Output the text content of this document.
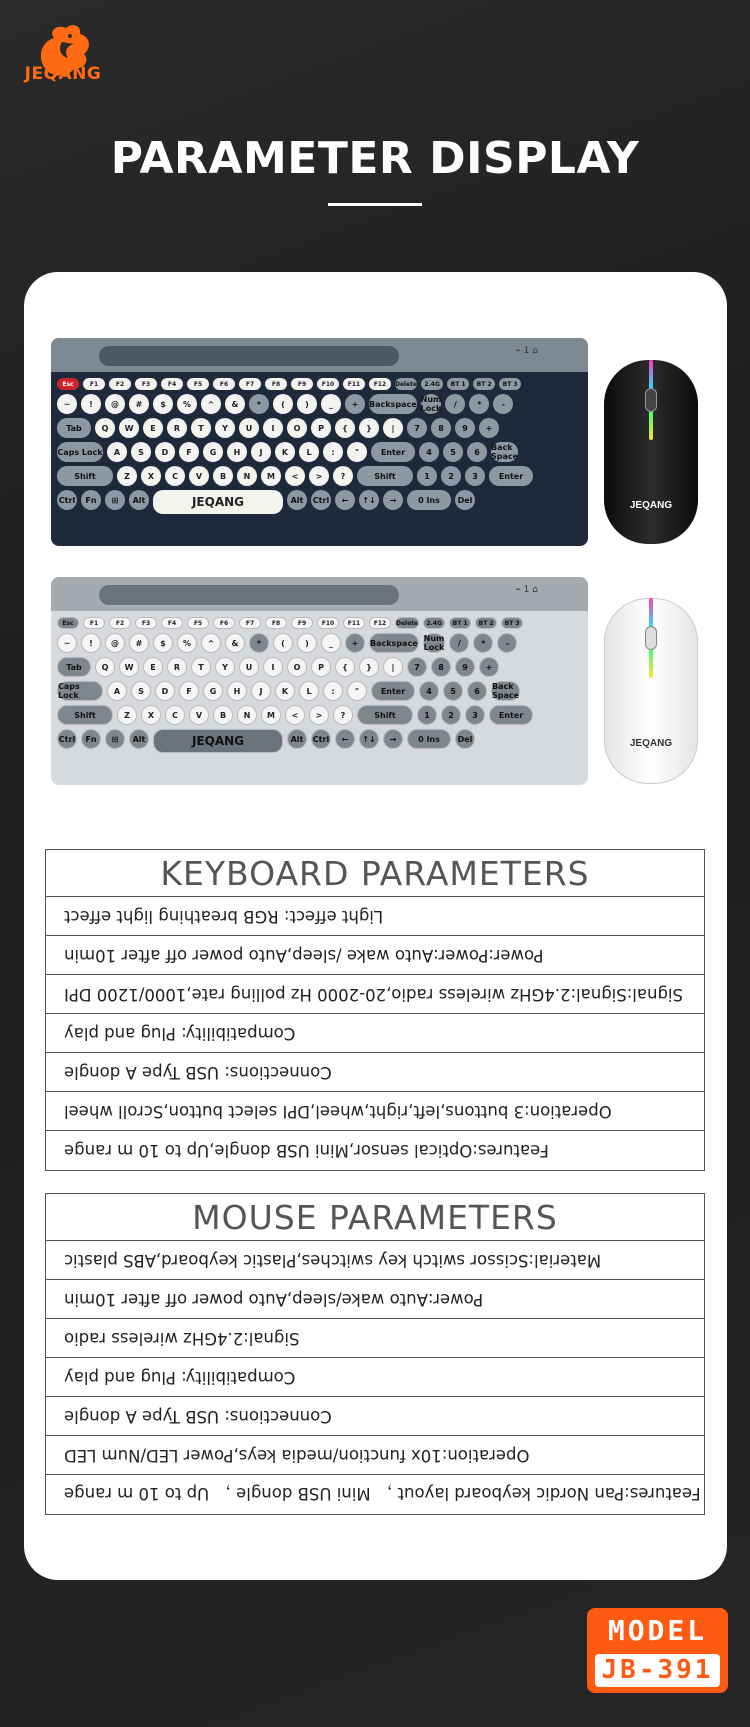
JEQANG
PARAMETER DISPLAY
⌁ 1 ⌂
Esc	F1	F2	F3	F4	F5	F6	F7	F8	F9	F10	F11	F12	Delete	2.4G	BT 1	BT 2	BT 3
~	!	@	#	$	%	^	&	*	(	)	_	+	Backspace Num Lock	/	*	-
Tab	Q	W	E	R	T	Y	U	I	O	P	{	}	|	7	8	9	+
Caps Lock	A	S	D	F	G	H	J	K	L	:	"	Enter	4	5	6	Back Space
Shift	Z	X	C	V	B	N	M	<	>	?	Shift	1	2	3	Enter
Ctrl	Fn	⊞	Alt	JEQANG	Alt	Ctrl	←	↑↓	→	0 Ins	Del
⌁ 1 ⌂
Esc	F1	F2	F3	F4	F5	F6	F7	F8	F9	F10	F11	F12	Delete	2.4G	BT 1	BT 2	BT 3
~	!	@	#	$	%	^	&	*	(	)	_	+	Backspace Num Lock	/	*	-
Tab	Q	W	E	R	T	Y	U	I	O	P	{	}	|	7	8	9	+
Caps Lock	A	S	D	F	G	H	J	K	L	:	"	Enter	4	5	6	Back Space
Shift	Z	X	C	V	B	N	M	<	>	?	Shift	1	2	3	Enter
Ctrl	Fn	⊞	Alt	JEQANG	Alt	Ctrl	←	↑↓	→	0 Ins	Del
JEQANG
JEQANG
KEYBOARD PARAMETERS
Light effect: RGB breathing light effect
Power:Power:Auto wake /sleep,Auto power off after 10min
Signal:Signal:2.4GHz wireless radio,20-2000 Hz polling rate,1000/1200 DPI
Compatibility: Plug and play
Connections: USB Type A dongle
Operation:3 buttons,left,right,wheel,DPI select button,Scroll wheel
Features:Optical sensor,Mini USB dongle,Up to 10 m range
MOUSE PARAMETERS
Material:Scissor switch key switches,Plastic keyboard,ABS plastic
Power:Auto wake/sleep,Auto power off after 10min
Signal:2.4GHz wireless radio
Compatibility: Plug and play
Connections: USB Type A dongle
Operation:10x function/media keys,Power LED/Num LED
Features:Pan Nordic keyboard layout ， Mini USB dongle ， Up to 10 m range
MODEL
JB-391
